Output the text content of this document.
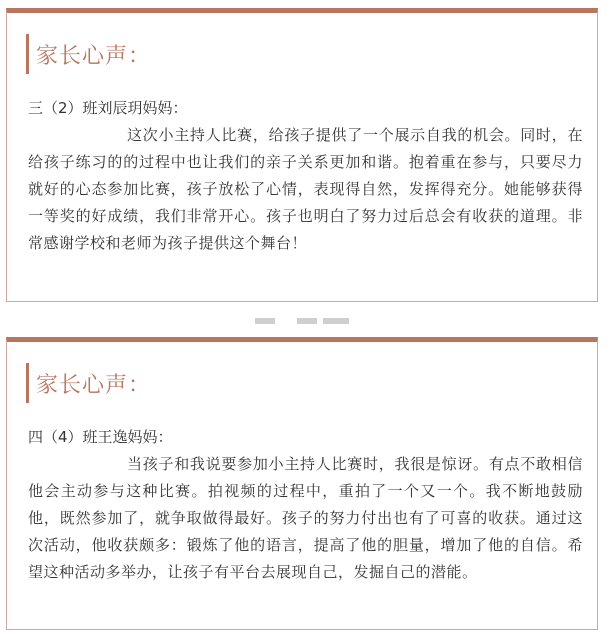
家长心声：
三（2）班刘辰玥妈妈：
这次小主持人比赛，给孩子提供了一个展示自我的机会。同时，在给孩子练习的的过程中也让我们的亲子关系更加和谐。抱着重在参与，只要尽力就好的心态参加比赛，孩子放松了心情，表现得自然，发挥得充分。她能够获得一等奖的好成绩，我们非常开心。孩子也明白了努力过后总会有收获的道理。非常感谢学校和老师为孩子提供这个舞台！
家长心声：
四（4）班王逸妈妈：
当孩子和我说要参加小主持人比赛时，我很是惊讶。有点不敢相信他会主动参与这种比赛。拍视频的过程中，重拍了一个又一个。我不断地鼓励他，既然参加了，就争取做得最好。孩子的努力付出也有了可喜的收获。通过这次活动，他收获颇多：锻炼了他的语言，提高了他的胆量，增加了他的自信。希望这种活动多举办，让孩子有平台去展现自己，发掘自己的潜能。
